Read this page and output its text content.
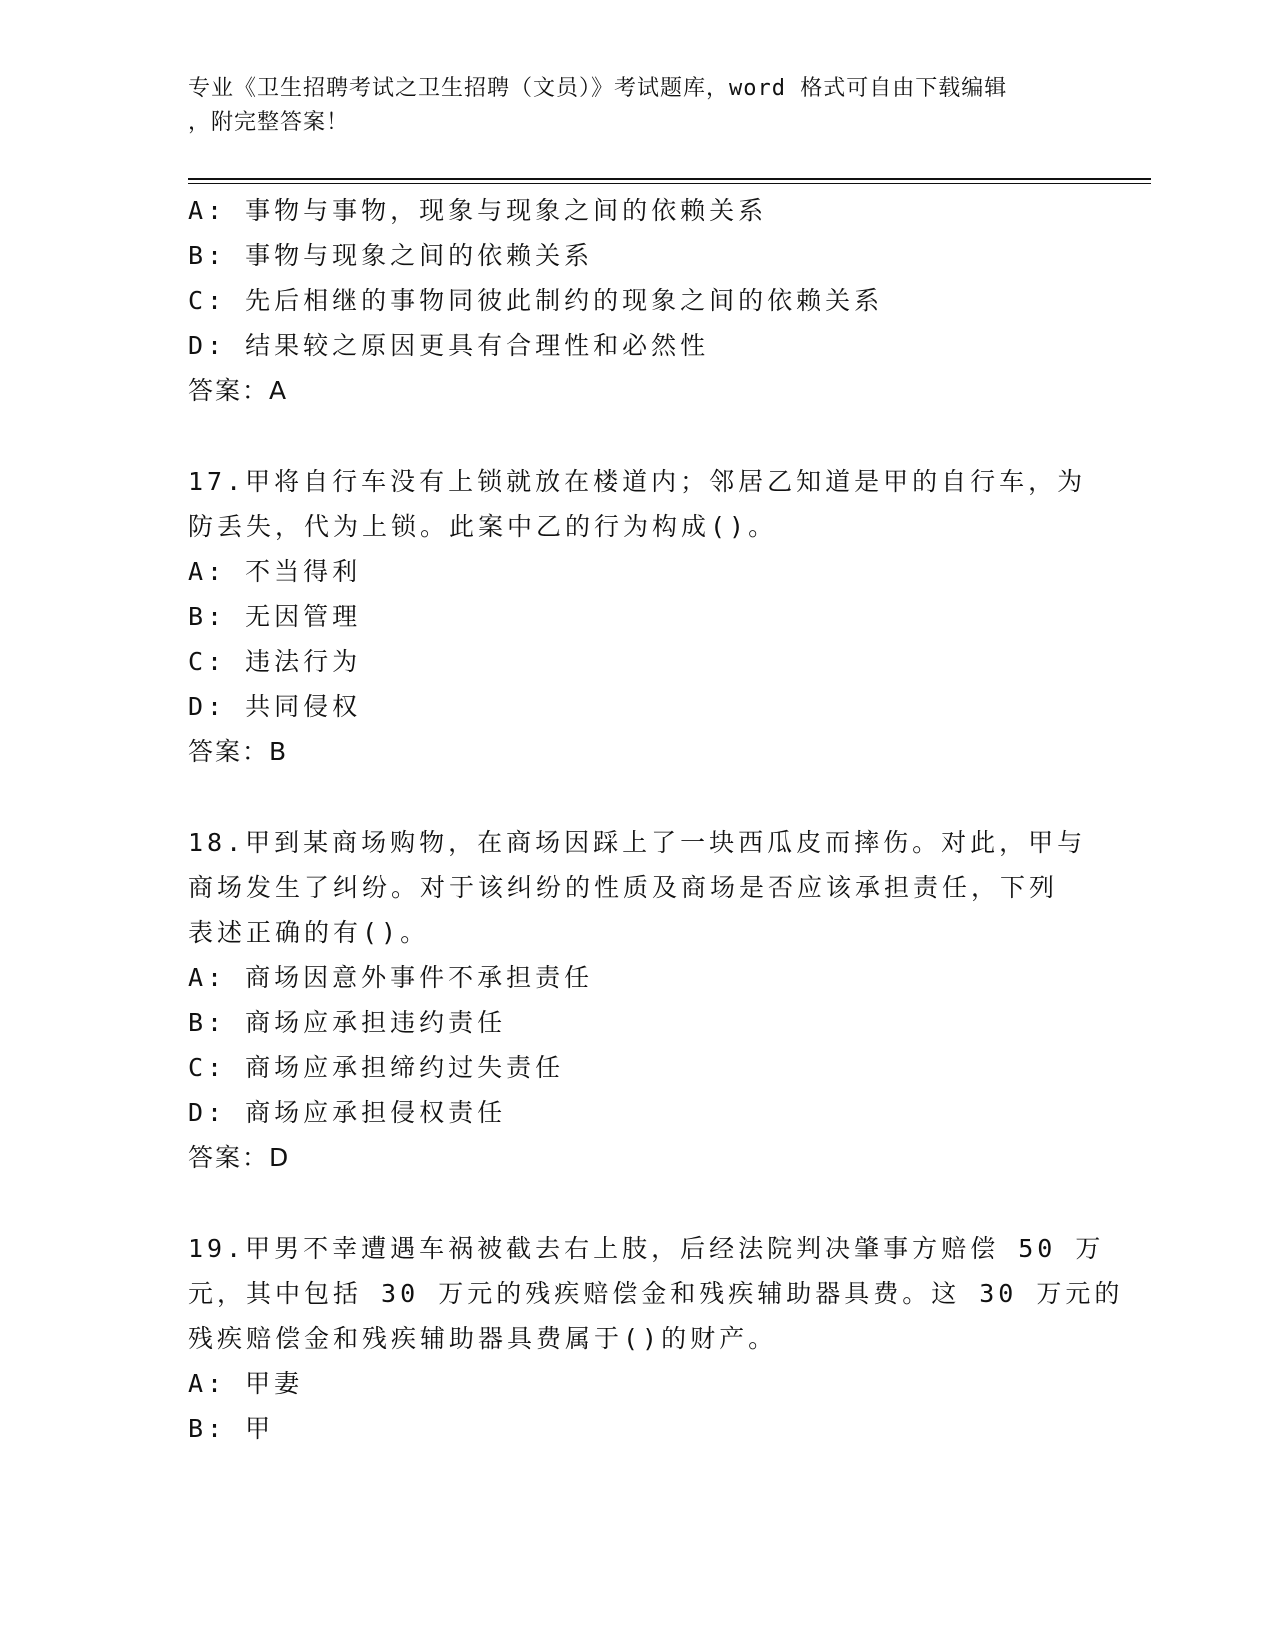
专业《卫生招聘考试之卫生招聘（文员）》考试题库，word 格式可自由下载编辑
，附完整答案！
A: 事物与事物，现象与现象之间的依赖关系
B: 事物与现象之间的依赖关系
C: 先后相继的事物同彼此制约的现象之间的依赖关系
D: 结果较之原因更具有合理性和必然性
答案：A
17.甲将自行车没有上锁就放在楼道内；邻居乙知道是甲的自行车，为
防丢失，代为上锁。此案中乙的行为构成()。
A: 不当得利
B: 无因管理
C: 违法行为
D: 共同侵权
答案：B
18.甲到某商场购物，在商场因踩上了一块西瓜皮而摔伤。对此，甲与
商场发生了纠纷。对于该纠纷的性质及商场是否应该承担责任，下列
表述正确的有()。
A: 商场因意外事件不承担责任
B: 商场应承担违约责任
C: 商场应承担缔约过失责任
D: 商场应承担侵权责任
答案：D
19.甲男不幸遭遇车祸被截去右上肢，后经法院判决肇事方赔偿 50 万
元，其中包括 30 万元的残疾赔偿金和残疾辅助器具费。这 30 万元的
残疾赔偿金和残疾辅助器具费属于()的财产。
A: 甲妻
B: 甲
